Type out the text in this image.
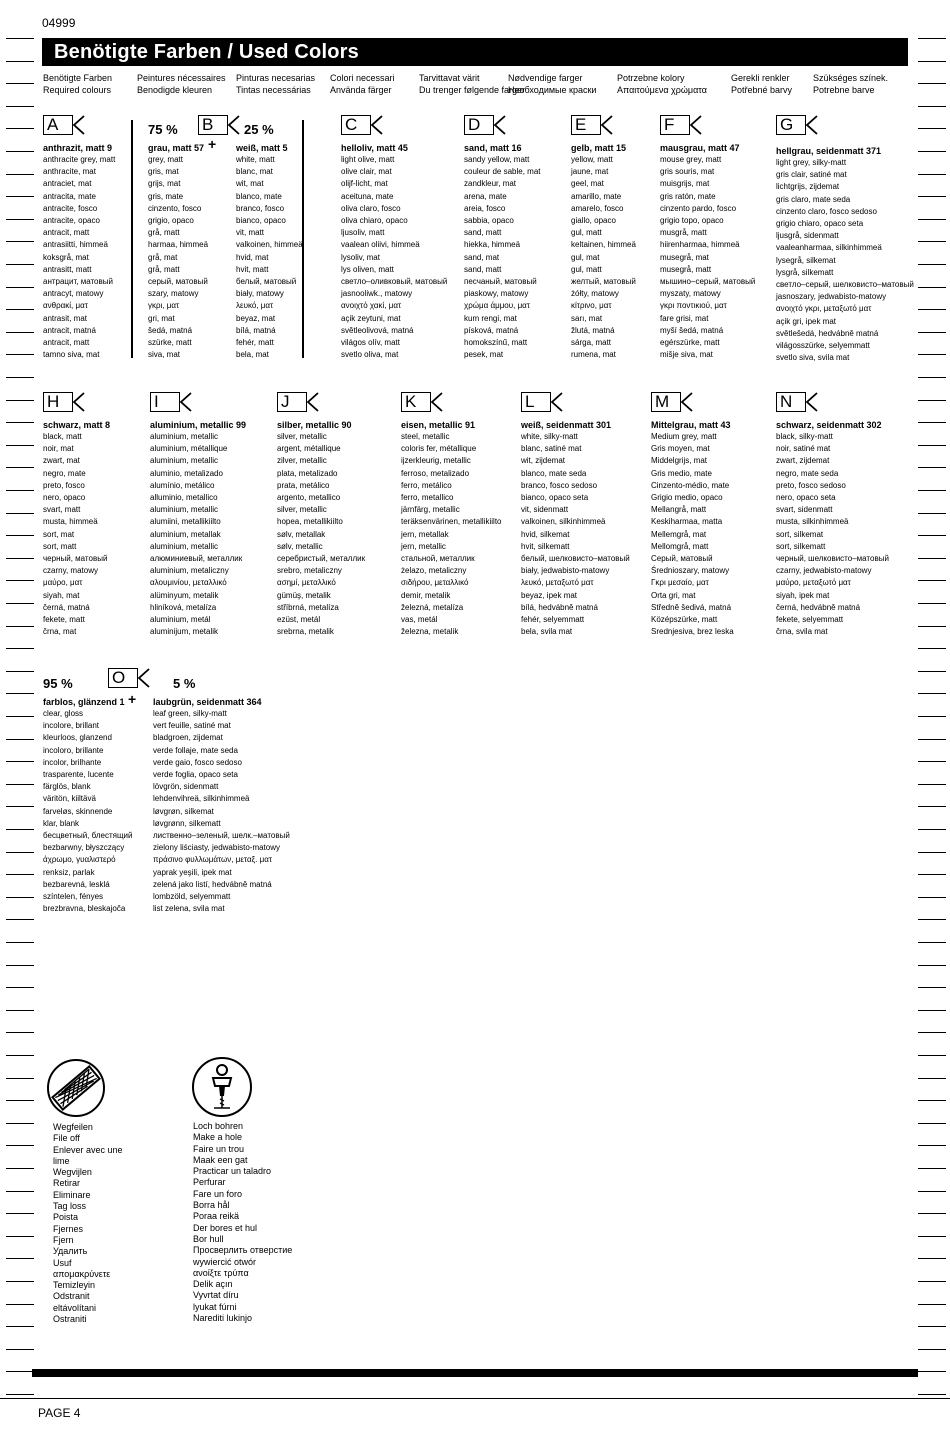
04999
Benötigte Farben / Used Colors
Benötigte Farben
Required colours
Peintures nécessaires
Benodigde kleuren
Pinturas necesarias
Tintas necessárias
Colori necessari
Använda färger
Tarvittavat värit
Du trenger følgende farger
Nødvendige farger
Необходимые краски
Potrzebne kolory
Απαιτούμενα χρώματα
Gerekli renkler
Potřebné barvy
Szükséges színek.
Potrebne barve
A	75 %
+
B	25 %	C	D	E	F	G
anthrazit, matt 9
anthracite grey, matt
anthracite, mat
antraciet, mat
antracita, mate
antracite, fosco
antracite, opaco
antracit, matt
antrasiitti, himmeä
koksgrå, mat
antrasitt, matt
антрацит, матовый
antracyt, matowy
ανθρακί, ματ
antrasit, mat
antracit, matná
antracit, matt
tamno siva, mat
grau, matt 57
grey, matt
gris, mat
grijs, mat
gris, mate
cinzento, fosco
grigio, opaco
grå, matt
harmaa, himmeä
grå, mat
grå, matt
серый, матовый
szary, matowy
γκρι, ματ
gri, mat
šedá, matná
szürke, matt
siva, mat
weiß, matt 5
white, matt
blanc, mat
wit, mat
blanco, mate
branco, fosco
bianco, opaco
vit, matt
valkoinen, himmeä
hvid, mat
hvit, matt
белый, матовый
biały, matowy
λευκό, ματ
beyaz, mat
bílá, matná
fehér, matt
bela, mat
helloliv, matt 45
light olive, matt
olive clair, mat
olijf-licht, mat
aceituna, mate
oliva claro, fosco
oliva chiaro, opaco
ljusoliv, matt
vaalean oliivi, himmeä
lysoliv, mat
lys oliven, matt
светло–оливковый, матовый
jasnooliwk., matowy
ανοιχτό χακί, ματ
açik zeytuni, mat
světleolivová, matná
világos olív, matt
svetlo oliva, mat
sand, matt 16
sandy yellow, matt
couleur de sable, mat
zandkleur, mat
arena, mate
areia, fosco
sabbia, opaco
sand, matt
hiekka, himmeä
sand, mat
sand, matt
песчаный, матовый
piaskowy, matowy
χρώμα άμμου, ματ
kum rengi, mat
písková, matná
homokszínű, matt
pesek, mat
gelb, matt 15
yellow, matt
jaune, mat
geel, mat
amarillo, mate
amarelo, fosco
giallo, opaco
gul, matt
keltainen, himmeä
gul, mat
gul, matt
желтый, матовый
żółty, matowy
κίτρινο, ματ
sarı, mat
žlutá, matná
sárga, matt
rumena, mat
mausgrau, matt 47
mouse grey, matt
gris souris, mat
muisgrijs, mat
gris ratón, mate
cinzento pardo, fosco
grigio topo, opaco
musgrå, matt
hiirenharmaa, himmeä
musegrå, mat
musegrå, matt
мышино–серый, матовый
myszaty, matowy
γκρι ποντικιού, ματ
fare grisi, mat
myší šedá, matná
egérszürke, matt
mišje siva, mat
hellgrau, seidenmatt 371
light grey, silky-matt
gris clair, satiné mat
lichtgrijs, zijdemat
gris claro, mate seda
cinzento claro, fosco sedoso
grigio chiaro, opaco seta
ljusgrå, sidenmatt
vaaleanharmaa, silkinhimmeä
lysegrå, silkemat
lysgrå, silkematt
светло–серый, шелковисто–матовый
jasnoszary, jedwabisto-matowy
ανοιχτό γκρι, μεταξωτό ματ
açik gri, ipek mat
světlešedá, hedvábně matná
világosszürke, selyemmatt
svetlo siva, svila mat
H	I	J	K	L	M	N
schwarz, matt 8
black, matt
noir, mat
zwart, mat
negro, mate
preto, fosco
nero, opaco
svart, matt
musta, himmeä
sort, mat
sort, matt
черный, матовый
czarny, matowy
μαύρο, ματ
siyah, mat
černá, matná
fekete, matt
črna, mat
aluminium, metallic 99
aluminium, metallic
aluminium, métallique
aluminium, metallic
aluminio, metalizado
alumínio, metálico
alluminio, metallico
aluminium, metallic
alumiini, metallikiilto
aluminium, metallak
aluminium, metallic
алюминиевый, металлик
aluminium, metaliczny
αλουμινίου, μεταλλικό
alüminyum, metalik
hliníková, metalíza
aluminium, metál
aluminijum, metalik
silber, metallic 90
silver, metallic
argent, métallique
zilver, metallic
plata, metalizado
prata, metálico
argento, metallico
silver, metallic
hopea, metallikiilto
sølv, metallak
sølv, metallic
серебристый, металлик
srebro, metaliczny
ασημί, μεταλλικό
gümüş, metalik
stříbrná, metalíza
ezüst, metál
srebrna, metalik
eisen, metallic 91
steel, metallic
coloris fer, métallique
ijzerkleurig, metallic
ferroso, metalizado
ferro, metálico
ferro, metallico
järnfärg, metallic
teräksenvärinen, metallikiilto
jern, metallak
jern, metallic
стальной, металлик
żelazo, metaliczny
σιδήρου, μεταλλικό
demir, metalik
železná, metalíza
vas, metál
železna, metalik
weiß, seidenmatt 301
white, silky-matt
blanc, satiné mat
wit, zijdemat
blanco, mate seda
branco, fosco sedoso
bianco, opaco seta
vit, sidenmatt
valkoinen, silkinhimmeä
hvid, silkemat
hvit, silkematt
белый, шелковисто–матовый
biały, jedwabisto-matowy
λευκό, μεταξωτό ματ
beyaz, ipek mat
bílá, hedvábně matná
fehér, selyemmatt
bela, svila mat
Mittelgrau, matt 43
Medium grey, matt
Gris moyen, mat
Middelgrijs, mat
Gris medio, mate
Cinzento-médio, mate
Grigio medio, opaco
Mellangrå, matt
Keskiharmaa, matta
Mellemgrå, mat
Mellomgrå, matt
Серый, матовый
Średnioszary, matowy
Γκρι μεσαίο, ματ
Orta gri, mat
Středně šedivá, matná
Középszürke, matt
Srednjesiva, brez leska
schwarz, seidenmatt 302
black, silky-matt
noir, satiné mat
zwart, zijdemat
negro, mate seda
preto, fosco sedoso
nero, opaco seta
svart, sidenmatt
musta, silkinhimmeä
sort, silkemat
sort, silkematt
черный, шелковисто–матовый
czarny, jedwabisto-matowy
μαύρο, μεταξωτό ματ
siyah, ipek mat
černá, hedvábně matná
fekete, selyemmatt
črna, svila mat
95 % O
+
5 %
farblos, glänzend 1
clear, gloss
incolore, brillant
kleurloos, glanzend
incoloro, brillante
incolor, brilhante
trasparente, lucente
färglös, blank
väritön, kiiltävä
farveløs, skinnende
klar, blank
бесцветный, блестящий
bezbarwny, błyszczący
άχρωμο, γυαλιστερό
renksiz, parlak
bezbarevná, lesklá
színtelen, fényes
brezbravna, bleskajoča
laubgrün, seidenmatt 364
leaf green, silky-matt
vert feuille, satiné mat
bladgroen, zijdemat
verde follaje, mate seda
verde gaio, fosco sedoso
verde foglia, opaco seta
lövgrön, sidenmatt
lehdenvihreä, silkinhimmeä
løvgrøn, silkemat
løvgrønn, silkematt
лиственно–зеленый, шелк.–матовый
zielony liściasty, jedwabisto-matowy
πράσινο φυλλωμάτων, μεταξ. ματ
yaprak yeşili, ipek mat
zelená jako listí, hedvábně matná
lombzöld, selyemmatt
list zelena, svila mat
Wegfeilen
File off
Enlever avec une
lime
Wegvijlen
Retirar
Eliminare
Tag loss
Poista
Fjernes
Fjern
Удалить
Usuf
απομακρύνετε
Temizleyin
Odstranit
eltávolítani
Ostraniti
Loch bohren
Make a hole
Faire un trou
Maak een gat
Practicar un taladro
Perfurar
Fare un foro
Borra hål
Poraa reikä
Der bores et hul
Bor hull
Просверлить отверстие
wywiercić otwór
ανοίξτε τρύπα
Delik açın
Vyvrtat díru
lyukat fúrni
Narediti lukinjo
PAGE 4
